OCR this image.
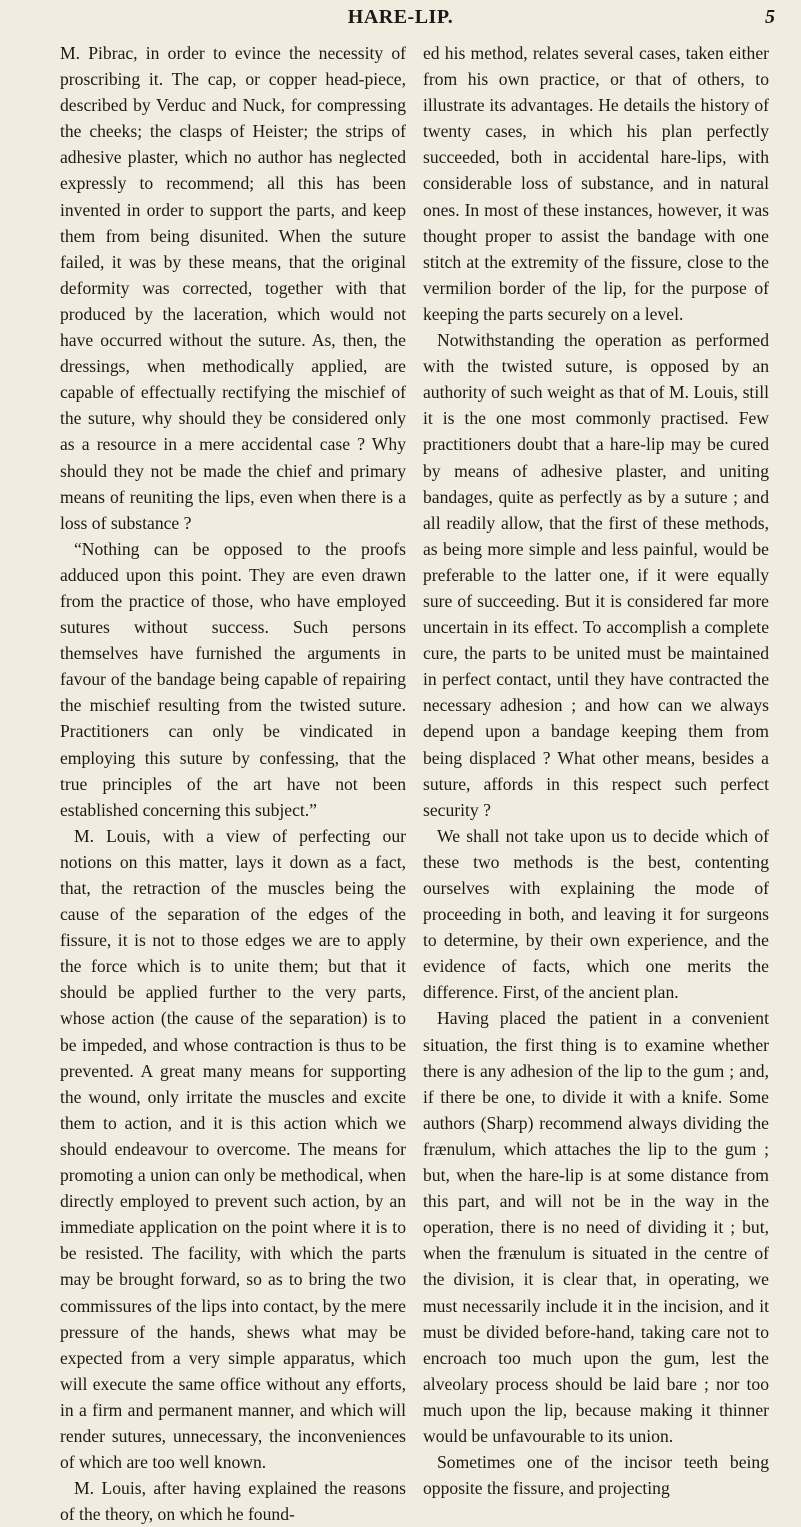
HARE-LIP.	5

M. Pibrac, in order to evince the necessity of proscribing it. The cap, or copper head-piece, described by Verduc and Nuck, for compressing the cheeks; the clasps of Heister; the strips of adhesive plaster, which no author has neglected expressly to recommend; all this has been invented in order to support the parts, and keep them from being disunited. When the suture failed, it was by these means, that the original deformity was corrected, together with that produced by the laceration, which would not have occurred without the suture. As, then, the dressings, when methodically applied, are capable of effectually rectifying the mischief of the suture, why should they be considered only as a resource in a mere accidental case ? Why should they not be made the chief and primary means of reuniting the lips, even when there is a loss of substance ?

“Nothing can be opposed to the proofs adduced upon this point. They are even drawn from the practice of those, who have employed sutures without success. Such persons themselves have furnished the arguments in favour of the bandage being capable of repairing the mischief resulting from the twisted suture. Practitioners can only be vindicated in employing this suture by confessing, that the true principles of the art have not been established concerning this subject.”

M. Louis, with a view of perfecting our notions on this matter, lays it down as a fact, that, the retraction of the muscles being the cause of the separation of the edges of the fissure, it is not to those edges we are to apply the force which is to unite them; but that it should be applied further to the very parts, whose action (the cause of the separation) is to be impeded, and whose contraction is thus to be prevented. A great many means for supporting the wound, only irritate the muscles and excite them to action, and it is this action which we should endeavour to overcome. The means for promoting a union can only be methodical, when directly employed to prevent such action, by an immediate application on the point where it is to be resisted. The facility, with which the parts may be brought forward, so as to bring the two commissures of the lips into contact, by the mere pressure of the hands, shews what may be expected from a very simple apparatus, which will execute the same office without any efforts, in a firm and permanent manner, and which will render sutures, unnecessary, the inconveniences of which are too well known.

M. Louis, after having explained the reasons of the theory, on which he found-

ed his method, relates several cases, taken either from his own practice, or that of others, to illustrate its advantages. He details the history of twenty cases, in which his plan perfectly succeeded, both in accidental hare-lips, with considerable loss of substance, and in natural ones. In most of these instances, however, it was thought proper to assist the bandage with one stitch at the extremity of the fissure, close to the vermilion border of the lip, for the purpose of keeping the parts securely on a level.

Notwithstanding the operation as performed with the twisted suture, is opposed by an authority of such weight as that of M. Louis, still it is the one most commonly practised. Few practitioners doubt that a hare-lip may be cured by means of adhesive plaster, and uniting bandages, quite as perfectly as by a suture ; and all readily allow, that the first of these methods, as being more simple and less painful, would be preferable to the latter one, if it were equally sure of succeeding. But it is considered far more uncertain in its effect. To accomplish a complete cure, the parts to be united must be maintained in perfect contact, until they have contracted the necessary adhesion ; and how can we always depend upon a bandage keeping them from being displaced ? What other means, besides a suture, affords in this respect such perfect security ?

We shall not take upon us to decide which of these two methods is the best, contenting ourselves with explaining the mode of proceeding in both, and leaving it for surgeons to determine, by their own experience, and the evidence of facts, which one merits the difference. First, of the ancient plan.

Having placed the patient in a convenient situation, the first thing is to examine whether there is any adhesion of the lip to the gum ; and, if there be one, to divide it with a knife. Some authors (Sharp) recommend always dividing the frænulum, which attaches the lip to the gum ; but, when the hare-lip is at some distance from this part, and will not be in the way in the operation, there is no need of dividing it ; but, when the frænulum is situated in the centre of the division, it is clear that, in operating, we must necessarily include it in the incision, and it must be divided before-hand, taking care not to encroach too much upon the gum, lest the alveolary process should be laid bare ; nor too much upon the lip, because making it thinner would be unfavourable to its union.

Sometimes one of the incisor teeth being opposite the fissure, and projecting
